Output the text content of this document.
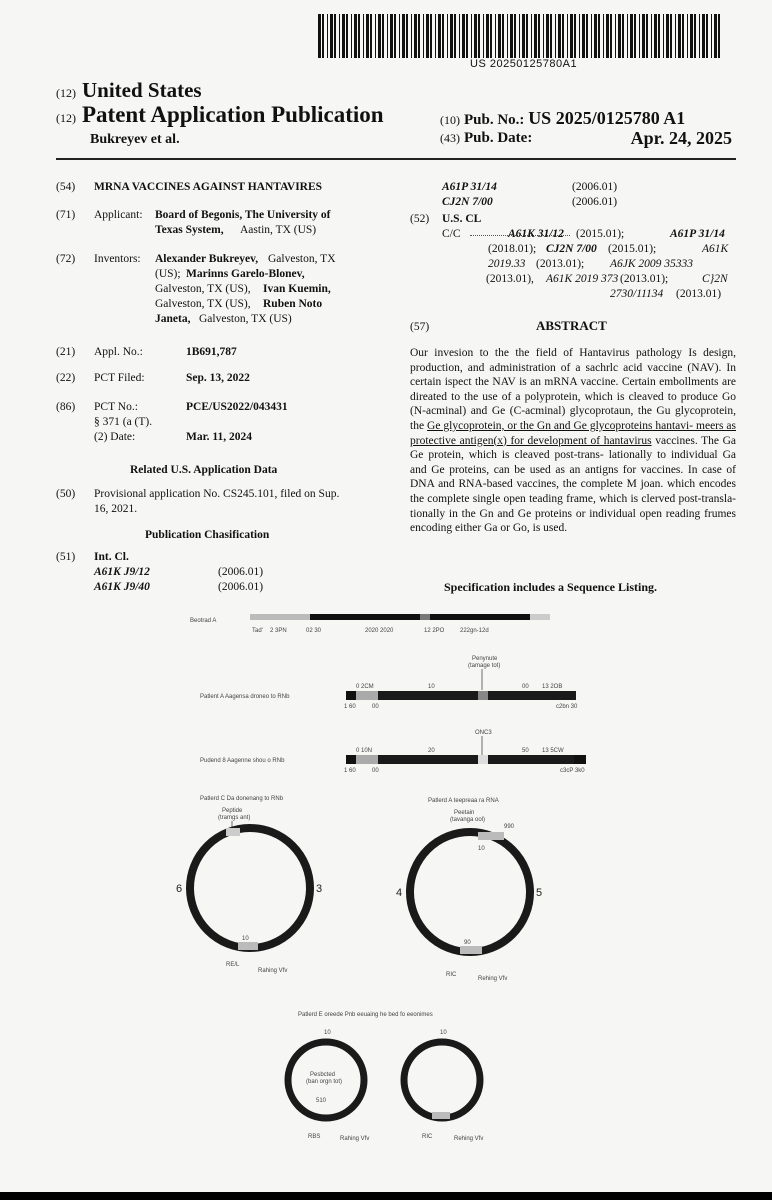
US 20250125780A1
(12) United States
(12) Patent Application Publication
Bukreyev et al.
(10) Pub. No.: US 2025/0125780 A1
(43) Pub. Date:	Apr. 24, 2025
(54) MRNA VACCINES AGAINST HANTAVIRES
(71) Applicant: Board of Begonis, The University of
Texas System, Aastin, TX (US)
(72) Inventors: Alexander Bukreyev, Galveston, TX
(US); Marinns Garelo-Blonev,
Galveston, TX (US), Ivan Kuemin,
Galveston, TX (US), Ruben Noto
Janeta, Galveston, TX (US)
(21) Appl. No.:	1B691,787
(22) PCT Filed:	Sep. 13, 2022
(86) PCT No.:	PCE/US2022/043431
§ 371 (a (T).
(2) Date:	Mar. 11, 2024
Related U.S. Application Data
(50) Provisional application No. CS245.101, filed on Sup.
16, 2021.
Publication Chasification
(51) Int. Cl.
A61K J9/12	(2006.01)
A61K J9/40	(2006.01)
A61P 31/14	(2006.01)
CJ2N 7/00	(2006.01)
(52) U.S. CL
C/C	A61K 31/12 (2015.01);	A61P 31/14
(2018.01); CJ2N 7/00 (2015.01);	A61K
2019.33 (2013.01); A6JK 2009 35333
(2013.01), A61K 2019 373 (2013.01);	C}2N
2730/11134 (2013.01)
(57)	ABSTRACT
Our invesion to the the field of Hantavirus pathology Is design, production, and administration of a sachrlc acid vaccine (NAV). In certain ispect the NAV is an mRNA vaccine. Certain embollments are direated to the use of a polyprotein, which is cleaved to produce Go (N-acminal) and Ge (C-acminal) glycoprotaun, the Gu glycoprotein, the Ge glycoprotein, or the Gn and Ge glycoproteins hantavi- meers as protective antigen(x) for development of hantavirus vaccines. The Ga Ge protein, which is cleaved post-trans- lationally to individual Ga and Ge proteins, can be used as an antigns for vaccines. In case of DNA and RNA-based vaccines, the complete M joan. which encodes the complete single open teading frame, which is clerved post-transla- tionally in the Gn and Ge proteins or individual open reading frumes encoding either Ga or Go, is used.
Specification includes a Sequence Listing.
Beotrad A
Tad' 2 3PN	02 30	2020 2020	12 2PO	222gn-12d
Patlent A Aagensa droneo to RNb
Penynute
(tamage tot)
0 2CM	10	00 13 2OB
1 60	00	c2bn 30
Pudend 8 Aagenne shou o RNb
ONC3
0 10N	20	50 13 5CW
1 60	00	c3cP 3k0
Patlerd C Da donenang to RNb
Peptide
(tramgs ant)
6	3
10
RE/L
Rahing Vfv
Patlerd A teepreaa ra RNA
Peetain
(tavanga ool)
990
10
4	5
90
RIC
Rehing Vfv
Patlerd E oreede Pnb eeuaing he bed fo eeonimes
10
Pesbcted
(ban orgn tot)
510
RBS	Rahing Vfv
10
RIC	Rehing Vfv
